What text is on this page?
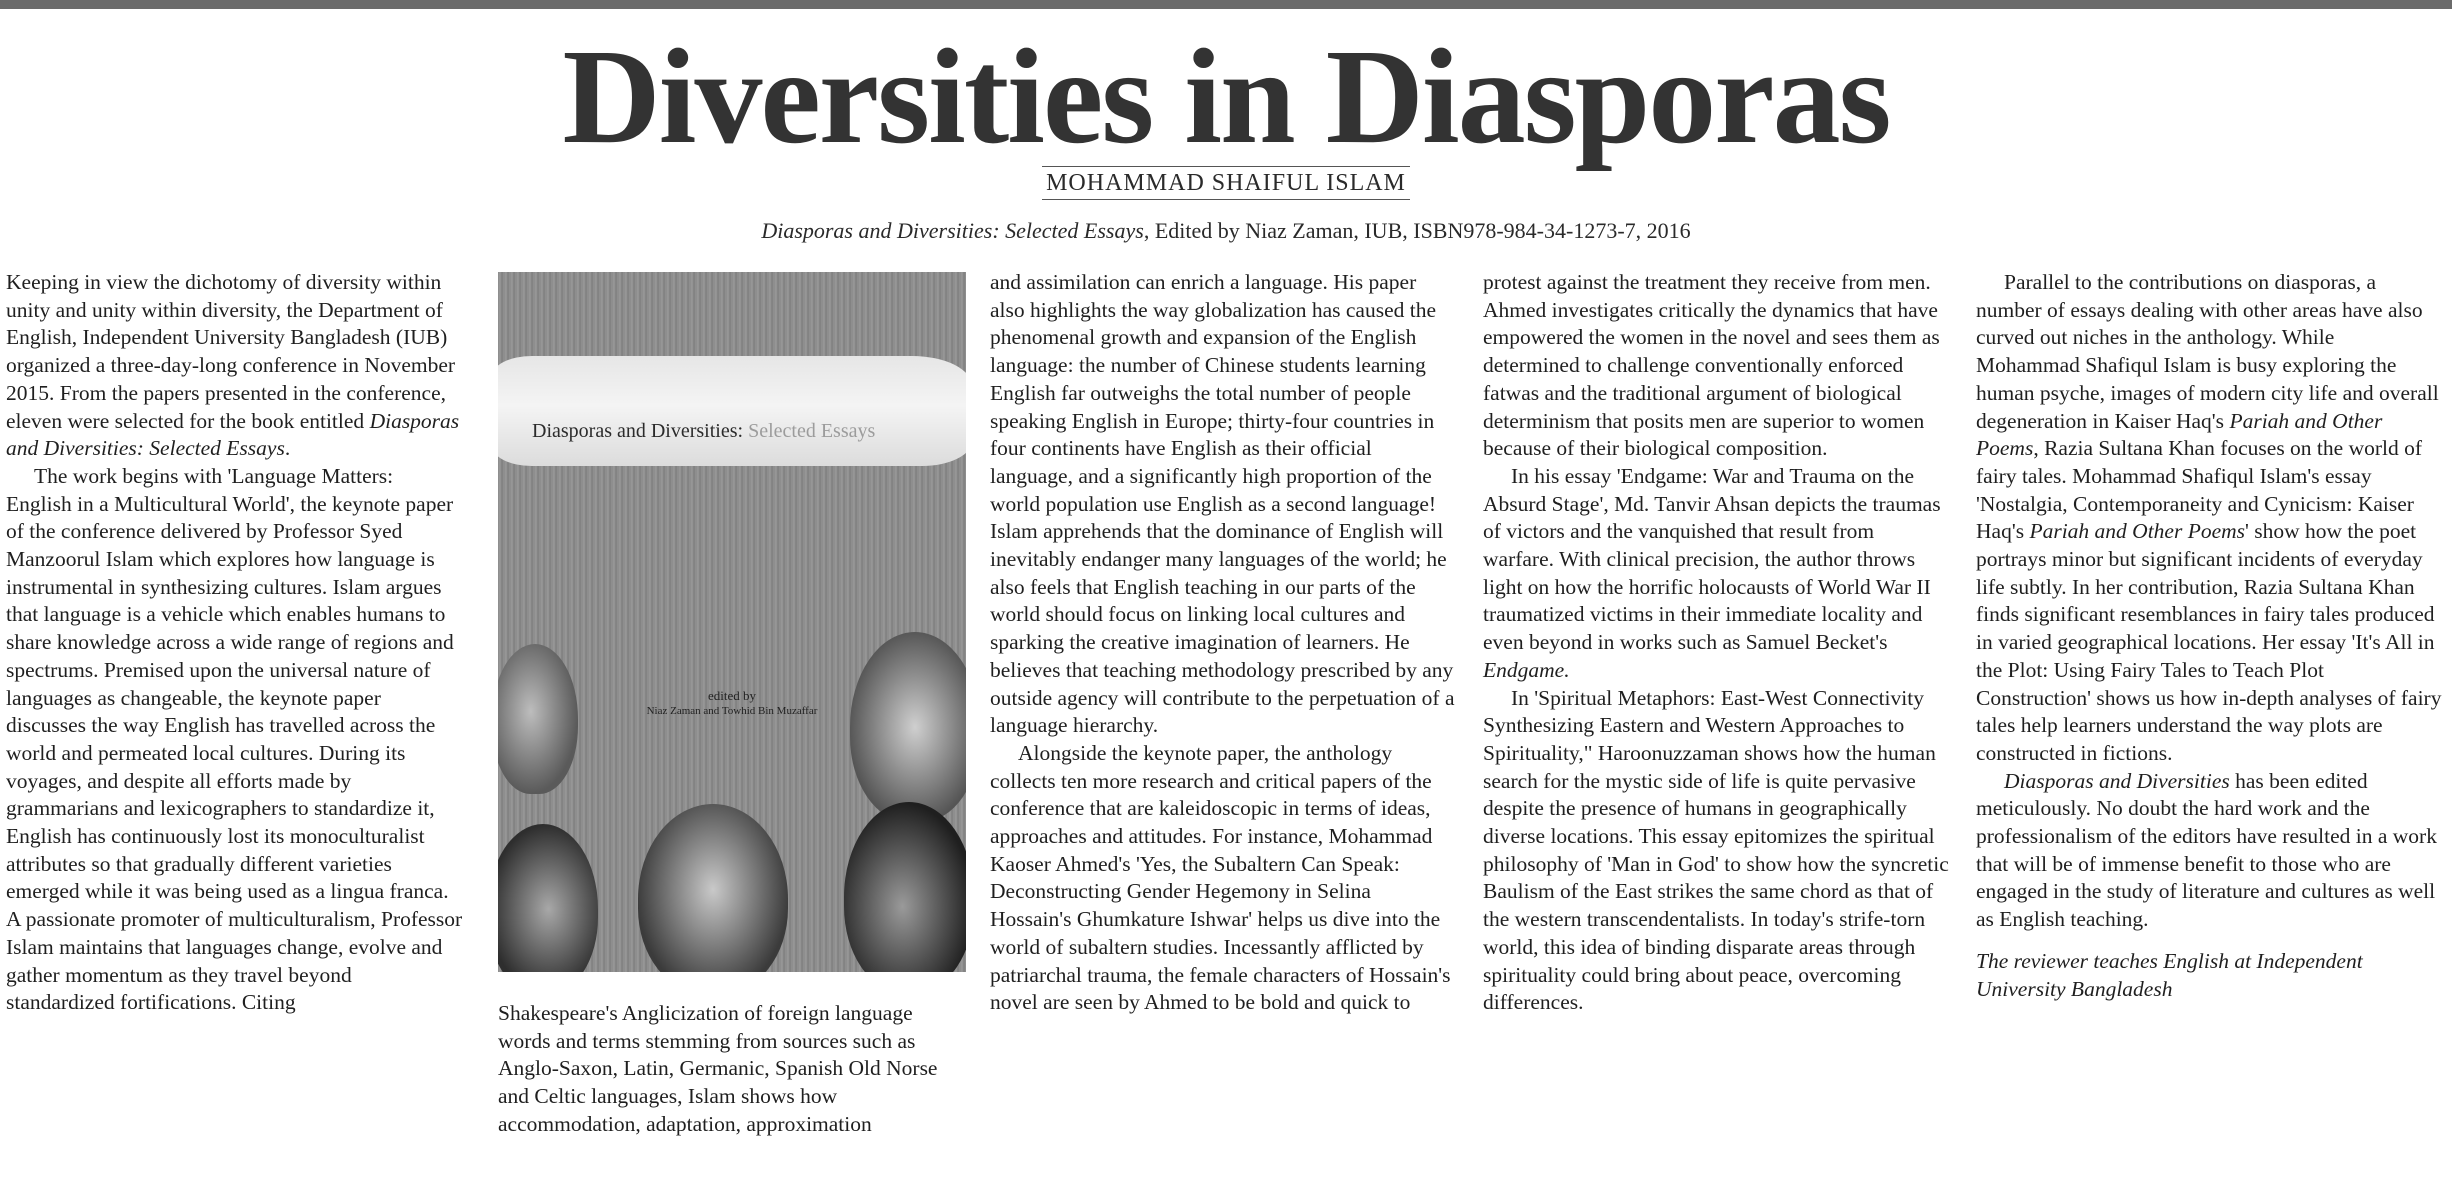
Diversities in Diasporas
MOHAMMAD SHAIFUL ISLAM
Diasporas and Diversities: Selected Essays, Edited by Niaz Zaman, IUB, ISBN978-984-34-1273-7, 2016

Keeping in view the dichotomy of diversity within unity and unity within diversity, the Department of English, Independent University Bangladesh (IUB) organized a three-day-long conference in November 2015. From the papers presented in the conference, eleven were selected for the book entitled Diasporas and Diversities: Selected Essays.

The work begins with 'Language Matters: English in a Multicultural World', the keynote paper of the conference delivered by Professor Syed Manzoorul Islam which explores how language is instrumental in synthesizing cultures. Islam argues that language is a vehicle which enables humans to share knowledge across a wide range of regions and spectrums. Premised upon the universal nature of languages as changeable, the keynote paper discusses the way English has travelled across the world and permeated local cultures. During its voyages, and despite all efforts made by grammarians and lexicographers to standardize it, English has continuously lost its monoculturalist attributes so that gradually different varieties emerged while it was being used as a lingua franca. A passionate promoter of multiculturalism, Professor Islam maintains that languages change, evolve and gather momentum as they travel beyond standardized fortifications. Citing

Diasporas and Diversities: Selected Essays
edited by
Niaz Zaman and Towhid Bin Muzaffar

Shakespeare's Anglicization of foreign language words and terms stemming from sources such as Anglo-Saxon, Latin, Germanic, Spanish Old Norse and Celtic languages, Islam shows how accommodation, adaptation, approximation

and assimilation can enrich a language. His paper also highlights the way globalization has caused the phenomenal growth and expansion of the English language: the number of Chinese students learning English far outweighs the total number of people speaking English in Europe; thirty-four countries in four continents have English as their official language, and a significantly high proportion of the world population use English as a second language! Islam apprehends that the dominance of English will inevitably endanger many languages of the world; he also feels that English teaching in our parts of the world should focus on linking local cultures and sparking the creative imagination of learners. He believes that teaching methodology prescribed by any outside agency will contribute to the perpetuation of a language hierarchy.

Alongside the keynote paper, the anthology collects ten more research and critical papers of the conference that are kaleidoscopic in terms of ideas, approaches and attitudes. For instance, Mohammad Kaoser Ahmed's 'Yes, the Subaltern Can Speak: Deconstructing Gender Hegemony in Selina Hossain's Ghumkature Ishwar' helps us dive into the world of subaltern studies. Incessantly afflicted by patriarchal trauma, the female characters of Hossain's novel are seen by Ahmed to be bold and quick to

protest against the treatment they receive from men. Ahmed investigates critically the dynamics that have empowered the women in the novel and sees them as determined to challenge conventionally enforced fatwas and the traditional argument of biological determinism that posits men are superior to women because of their biological composition.

In his essay 'Endgame: War and Trauma on the Absurd Stage', Md. Tanvir Ahsan depicts the traumas of victors and the vanquished that result from warfare. With clinical precision, the author throws light on how the horrific holocausts of World War II traumatized victims in their immediate locality and even beyond in works such as Samuel Becket's Endgame.

In 'Spiritual Metaphors: East-West Connectivity Synthesizing Eastern and Western Approaches to Spirituality," Haroonuzzaman shows how the human search for the mystic side of life is quite pervasive despite the presence of humans in geographically diverse locations. This essay epitomizes the spiritual philosophy of 'Man in God' to show how the syncretic Baulism of the East strikes the same chord as that of the western transcendentalists. In today's strife-torn world, this idea of binding disparate areas through spirituality could bring about peace, overcoming differences.

Parallel to the contributions on diasporas, a number of essays dealing with other areas have also curved out niches in the anthology. While Mohammad Shafiqul Islam is busy exploring the human psyche, images of modern city life and overall degeneration in Kaiser Haq's Pariah and Other Poems, Razia Sultana Khan focuses on the world of fairy tales. Mohammad Shafiqul Islam's essay 'Nostalgia, Contemporaneity and Cynicism: Kaiser Haq's Pariah and Other Poems' show how the poet portrays minor but significant incidents of everyday life subtly. In her contribution, Razia Sultana Khan finds significant resemblances in fairy tales produced in varied geographical locations. Her essay 'It's All in the Plot: Using Fairy Tales to Teach Plot Construction' shows us how in-depth analyses of fairy tales help learners understand the way plots are constructed in fictions.

Diasporas and Diversities has been edited meticulously. No doubt the hard work and the professionalism of the editors have resulted in a work that will be of immense benefit to those who are engaged in the study of literature and cultures as well as English teaching.

The reviewer teaches English at Independent University Bangladesh
